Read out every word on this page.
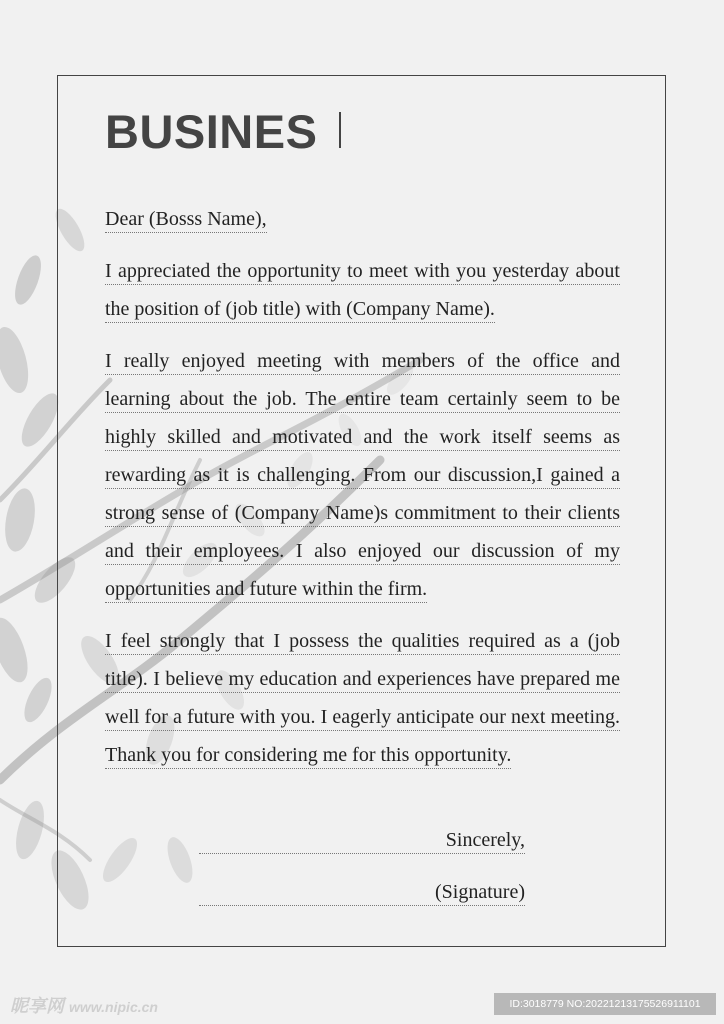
BUSINES

Dear (Bosss Name),

I appreciated the opportunity to meet with you yesterday about the position of (job title) with (Company Name).

I really enjoyed meeting with members of the office and learning about the job. The entire team certainly seem to be highly skilled and motivated and the work itself seems as rewarding as it is challenging. From our discussion,I gained a strong sense of (Company Name)s commitment to their clients and their employees. I also enjoyed our discussion of my opportunities and future within the firm.

I feel strongly that I possess the qualities required as a (job title). I believe my education and experiences have prepared me well for a future with you. I eagerly anticipate our next meeting. Thank you for considering me for this opportunity.

Sincerely,
(Signature)
昵享网 www.nipic.cn	ID:3018779 NO:20221213175526911101
